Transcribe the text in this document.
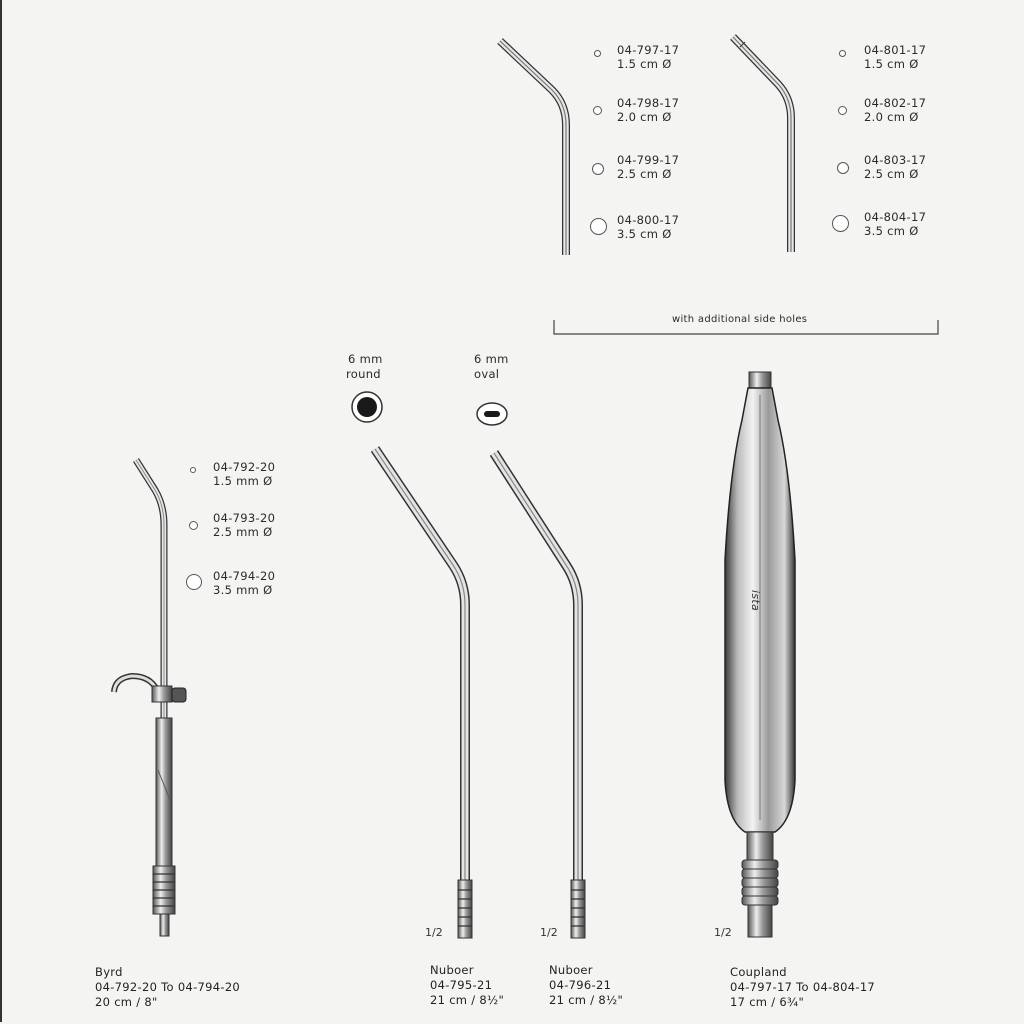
ista
04-797-17
1.5 cm Ø
04-798-17
2.0 cm Ø
04-799-17
2.5 cm Ø
04-800-17
3.5 cm Ø
04-801-17
1.5 cm Ø
04-802-17
2.0 cm Ø
04-803-17
2.5 cm Ø
04-804-17
3.5 cm Ø
with additional side holes
04-792-20
1.5 mm Ø
04-793-20
2.5 mm Ø
04-794-20
3.5 mm Ø
6 mm
round
6 mm
oval
1/2	1/2	1/2
Byrd
04-792-20 To 04-794-20
20 cm / 8"
Nuboer
04-795-21
21 cm / 8½"
Nuboer
04-796-21
21 cm / 8½"
Coupland
04-797-17 To 04-804-17
17 cm / 6¾"
